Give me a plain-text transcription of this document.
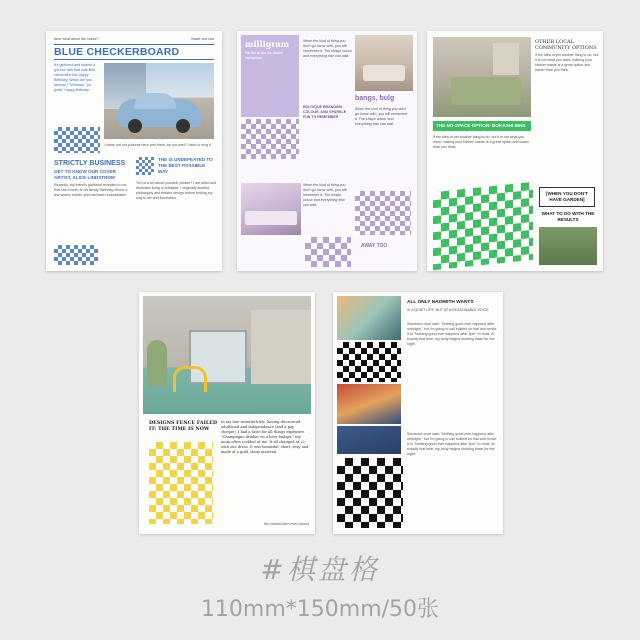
Ame what about the colour?	inside one lost
BLUE CHECKERBOARD
It's girlfriend and shared a gift box with that cute little clementine like happy Birthday! Which are you, Atmosh? "Whassa" "ya gotta" Happy Birthday.
I came out our pictures here and there, by our own! I have to sing it.
STRICTLY BUSINESS
GET TO KNOW OUR COVER ARTIST, ALICE LINDSTROM
THE IS UNDEFEATED TO THE BEST POSSIBLE WAY
Recently, my friend's girlfriend revealed to me that she'd been at his family. Birthday dinner a few weeks earlier, and had been scandalised.
Tell us a bit about yourself, please? I am artist and illustrator living in Adelaide. I originally studied philosophy and theatre design before finding my way to art and illustration.
milligram
the bar is too the lowest marspress
When the kind of thing you don't go home with, you will remember it. The shape colour and everything else can wait.
BOUTIQUE BRANDING COLOUR, AND SPARKLE FUN TO REMEMBER
bangs, bulg
When the kind of thing you don't go home with, you will remember it. The shape colour and everything else can wait.
When the kind of thing you don't go home with, you will remember it. The shape colour and everything else can wait.
AWAY TOO
OTHER LOCAL COMMUNITY OPTIONS
If the idea of yet another thing to do, but it is not what you want, making your kitchen waste is a great option and easier than you think.
THE NO-SPACE OPTION: BOKASHI BINS
If the idea of yet another thing to do, but it is not what you want, making your kitchen waste is a great option and easier than you think.
[WHEN YOU DON'T HAVE GARDEN]
WHAT TO DO WITH THE RESULTS
DESIGNS FENCE FAILED IT: THE TIME IS NOW
In my late twentieth life, having discovered adulthood and independence (and a pay cheque), I had a taste for all things expensive. "Champagne drinker on a beer budget," my mum often scolded at me. It all changed at 22 with one dress. It was beautiful, short, sexy and made of a gold, shiny material.
the earliest item ever owned
ALL ONLY NAISMITH WANTS
IS A QUIET LIFE, BUT AT A REASONABLE VOICE
Someone once said: "Nothing good ever happens after midnight," but I'm going to call bullshit on that and revise it to "Nothing good ever happens after 3pm" in retail. At exactly that time, my body begins shutting down for the night.
Someone once said: "Nothing good ever happens after midnight," but I'm going to call bullshit on that and revise it to "Nothing good ever happens after 3pm" in retail. At exactly that time, my body begins shutting down for the night.
#棋盘格
110mm*150mm/50张
